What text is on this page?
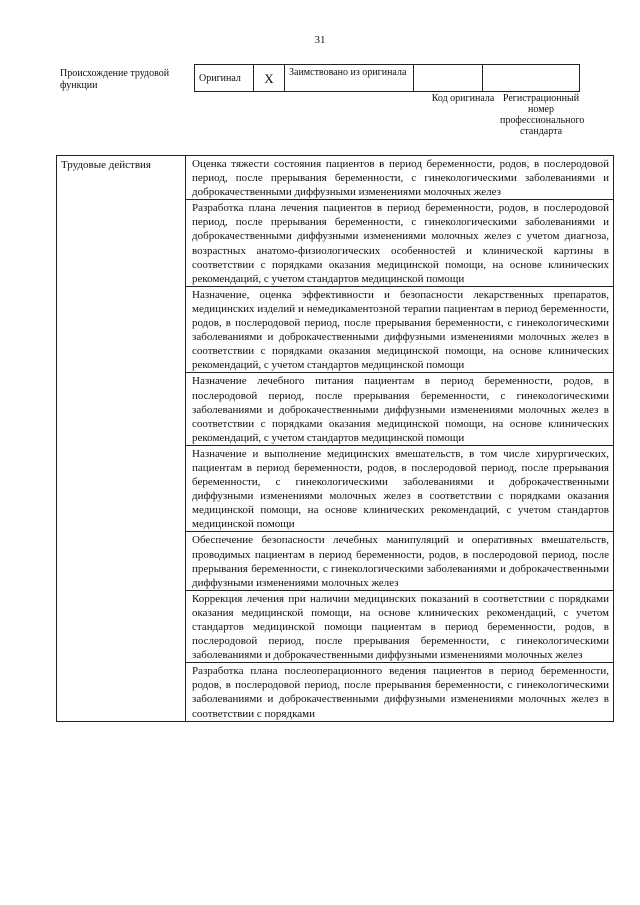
31
Происхождение трудовой функции
Оригинал	X	Заимствовано из оригинала		
Код оригинала Регистрационный номер профессионального стандарта
Трудовые действия	Оценка тяжести состояния пациентов в период беременности, родов, в послеродовой период, после прерывания беременности, с гинекологическими заболеваниями и доброкачественными диффузными изменениями молочных желез
Разработка плана лечения пациентов в период беременности, родов, в послеродовой период, после прерывания беременности, с гинекологическими заболеваниями и доброкачественными диффузными изменениями молочных желез с учетом диагноза, возрастных анатомо-физиологических особенностей и клинической картины в соответствии с порядками оказания медицинской помощи, на основе клинических рекомендаций, с учетом стандартов медицинской помощи
Назначение, оценка эффективности и безопасности лекарственных препаратов, медицинских изделий и немедикаментозной терапии пациентам в период беременности, родов, в послеродовой период, после прерывания беременности, с гинекологическими заболеваниями и доброкачественными диффузными изменениями молочных желез в соответствии с порядками оказания медицинской помощи, на основе клинических рекомендаций, с учетом стандартов медицинской помощи
Назначение лечебного питания пациентам в период беременности, родов, в послеродовой период, после прерывания беременности, с гинекологическими заболеваниями и доброкачественными диффузными изменениями молочных желез в соответствии с порядками оказания медицинской помощи, на основе клинических рекомендаций, с учетом стандартов медицинской помощи
Назначение и выполнение медицинских вмешательств, в том числе хирургических, пациентам в период беременности, родов, в послеродовой период, после прерывания беременности, с гинекологическими заболеваниями и доброкачественными диффузными изменениями молочных желез в соответствии с порядками оказания медицинской помощи, на основе клинических рекомендаций, с учетом стандартов медицинской помощи
Обеспечение безопасности лечебных манипуляций и оперативных вмешательств, проводимых пациентам в период беременности, родов, в послеродовой период, после прерывания беременности, с гинекологическими заболеваниями и доброкачественными диффузными изменениями молочных желез
Коррекция лечения при наличии медицинских показаний в соответствии с порядками оказания медицинской помощи, на основе клинических рекомендаций, с учетом стандартов медицинской помощи пациентам в период беременности, родов, в послеродовой период, после прерывания беременности, с гинекологическими заболеваниями и доброкачественными диффузными изменениями молочных желез
Разработка плана послеоперационного ведения пациентов в период беременности, родов, в послеродовой период, после прерывания беременности, с гинекологическими заболеваниями и доброкачественными диффузными изменениями молочных желез в соответствии с порядками
